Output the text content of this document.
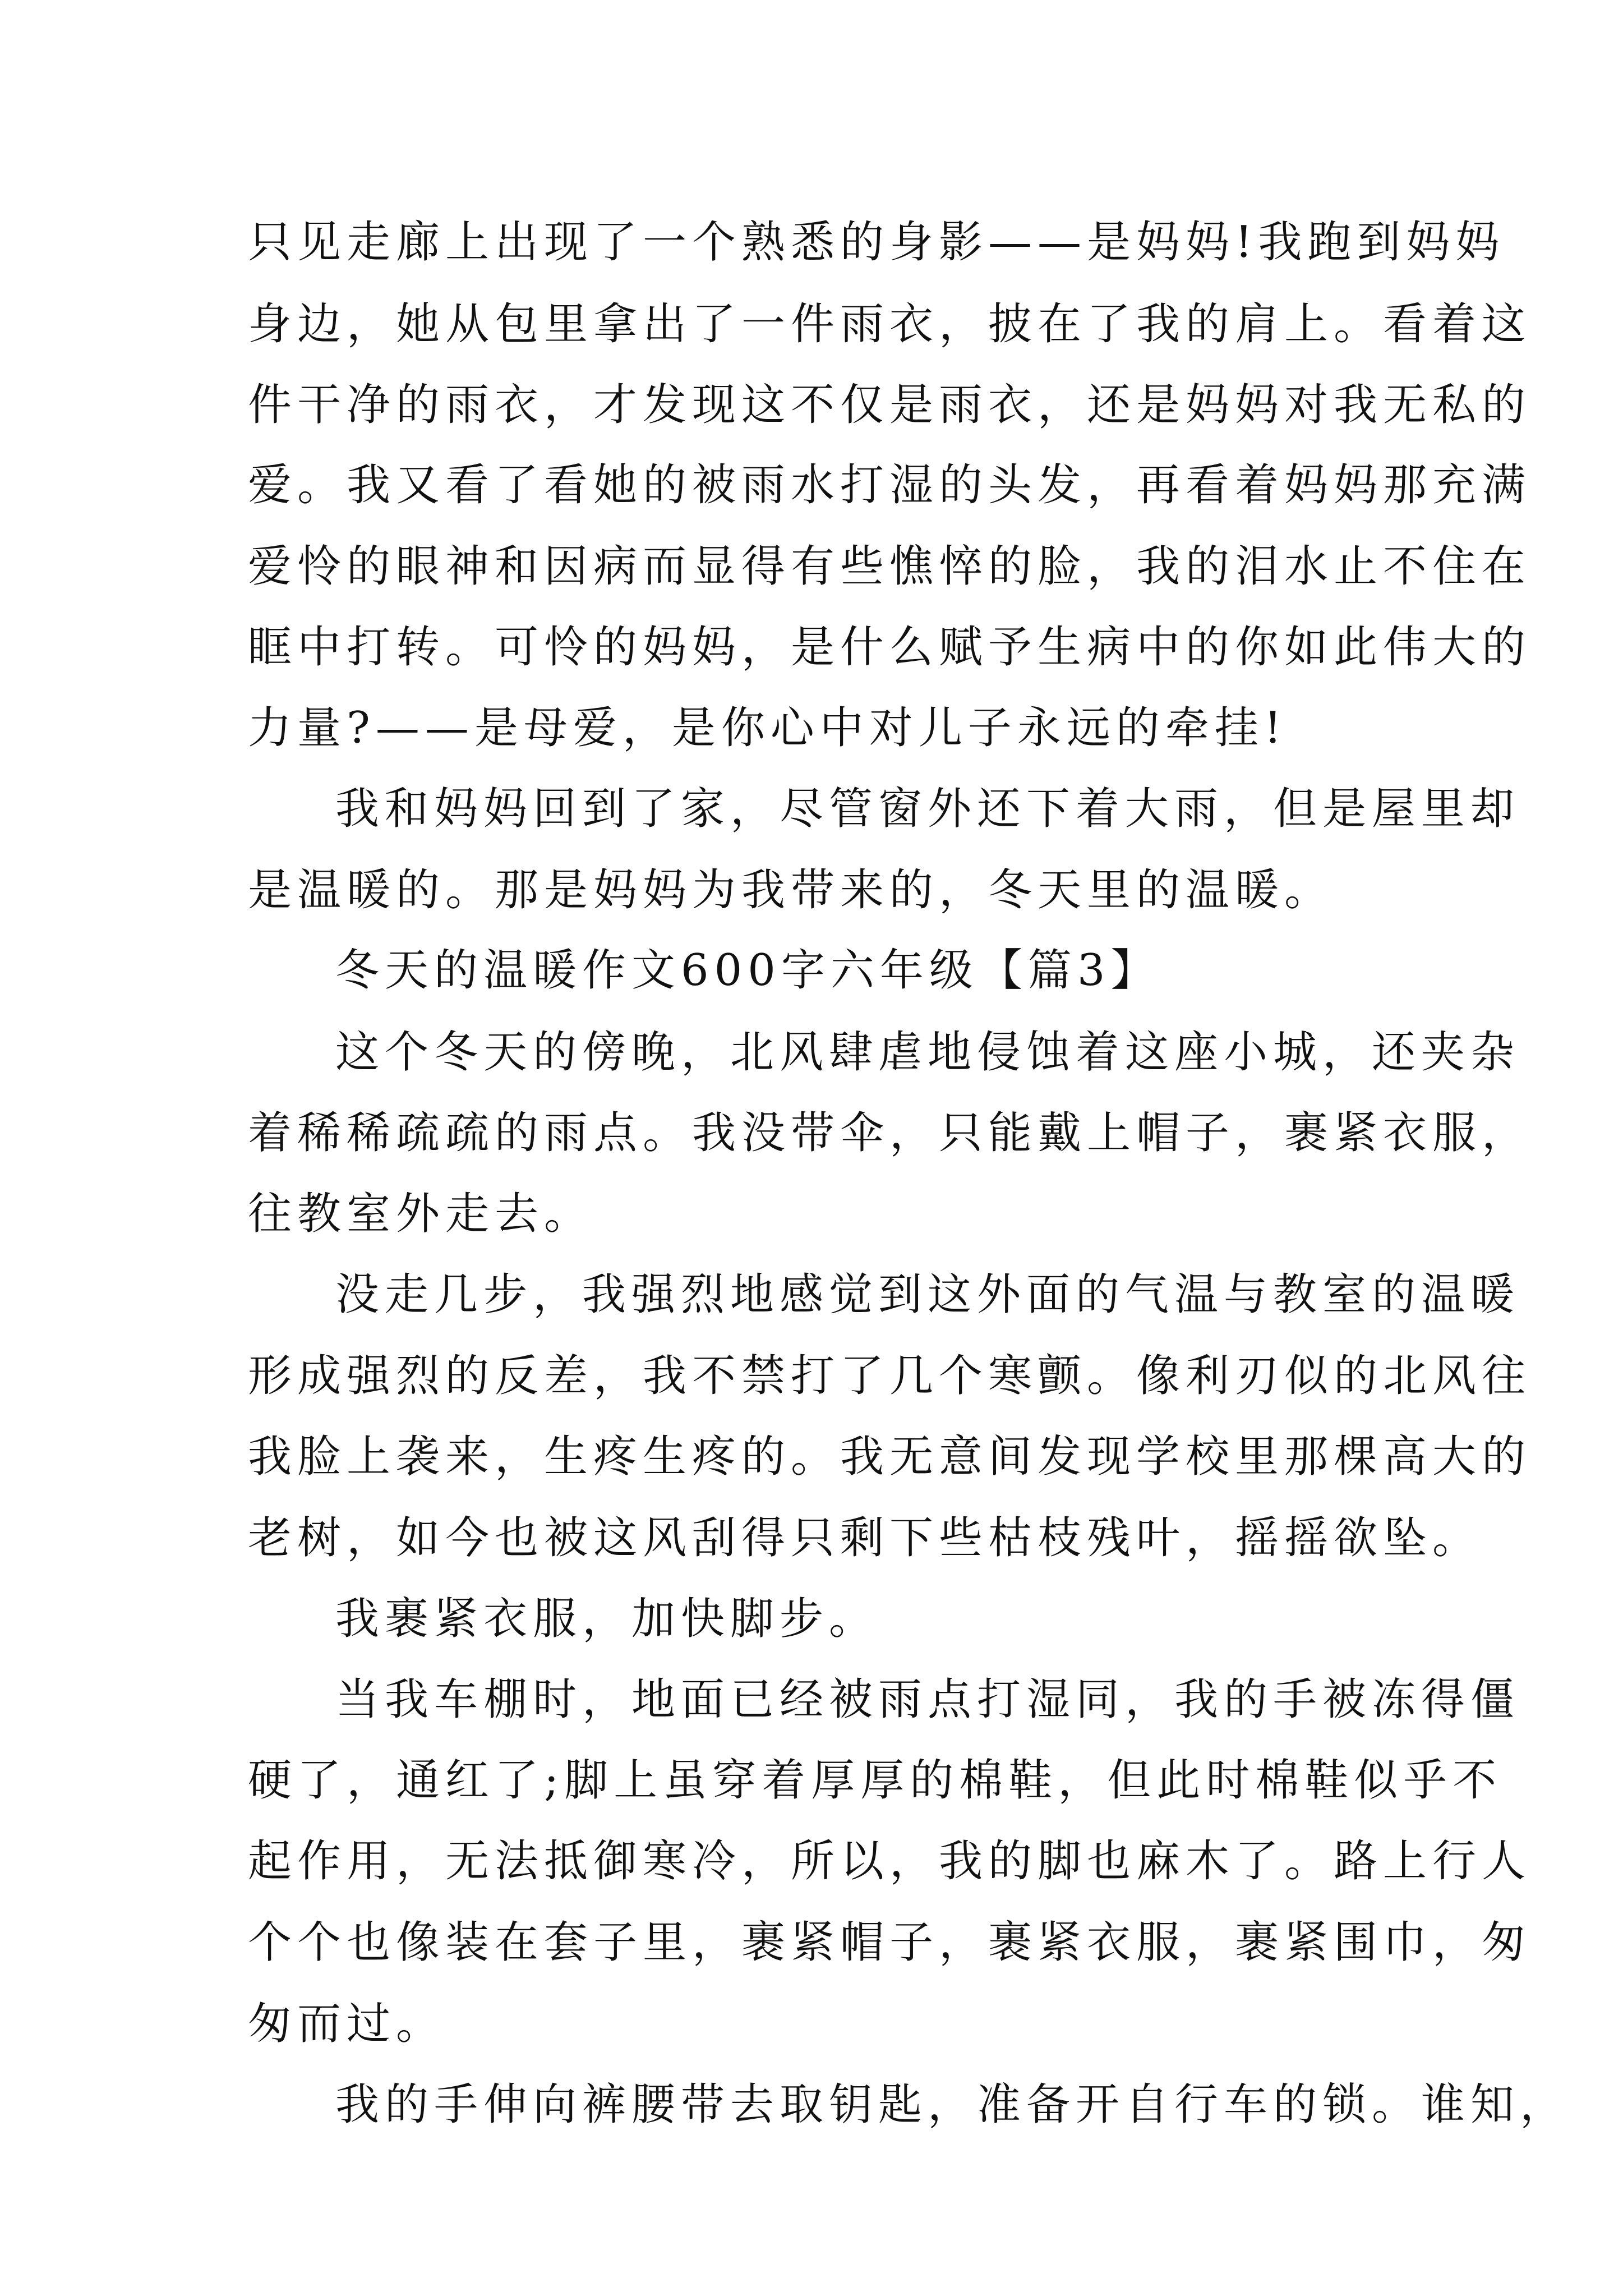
只见走廊上出现了一个熟悉的身影——是妈妈!我跑到妈妈

身边，她从包里拿出了一件雨衣，披在了我的肩上。看着这

件干净的雨衣，才发现这不仅是雨衣，还是妈妈对我无私的

爱。我又看了看她的被雨水打湿的头发，再看着妈妈那充满

爱怜的眼神和因病而显得有些憔悴的脸，我的泪水止不住在

眶中打转。可怜的妈妈，是什么赋予生病中的你如此伟大的

力量?——是母爱，是你心中对儿子永远的牵挂!

我和妈妈回到了家，尽管窗外还下着大雨，但是屋里却

是温暖的。那是妈妈为我带来的，冬天里的温暖。

冬天的温暖作文600字六年级【篇3】

这个冬天的傍晚，北风肆虐地侵蚀着这座小城，还夹杂

着稀稀疏疏的雨点。我没带伞，只能戴上帽子，裹紧衣服，

往教室外走去。

没走几步，我强烈地感觉到这外面的气温与教室的温暖

形成强烈的反差，我不禁打了几个寒颤。像利刃似的北风往

我脸上袭来，生疼生疼的。我无意间发现学校里那棵高大的

老树，如今也被这风刮得只剩下些枯枝残叶，摇摇欲坠。

我裹紧衣服，加快脚步。

当我车棚时，地面已经被雨点打湿同，我的手被冻得僵

硬了，通红了;脚上虽穿着厚厚的棉鞋，但此时棉鞋似乎不

起作用，无法抵御寒冷，所以，我的脚也麻木了。路上行人

个个也像装在套子里，裹紧帽子，裹紧衣服，裹紧围巾，匆

匆而过。

我的手伸向裤腰带去取钥匙，准备开自行车的锁。谁知，
